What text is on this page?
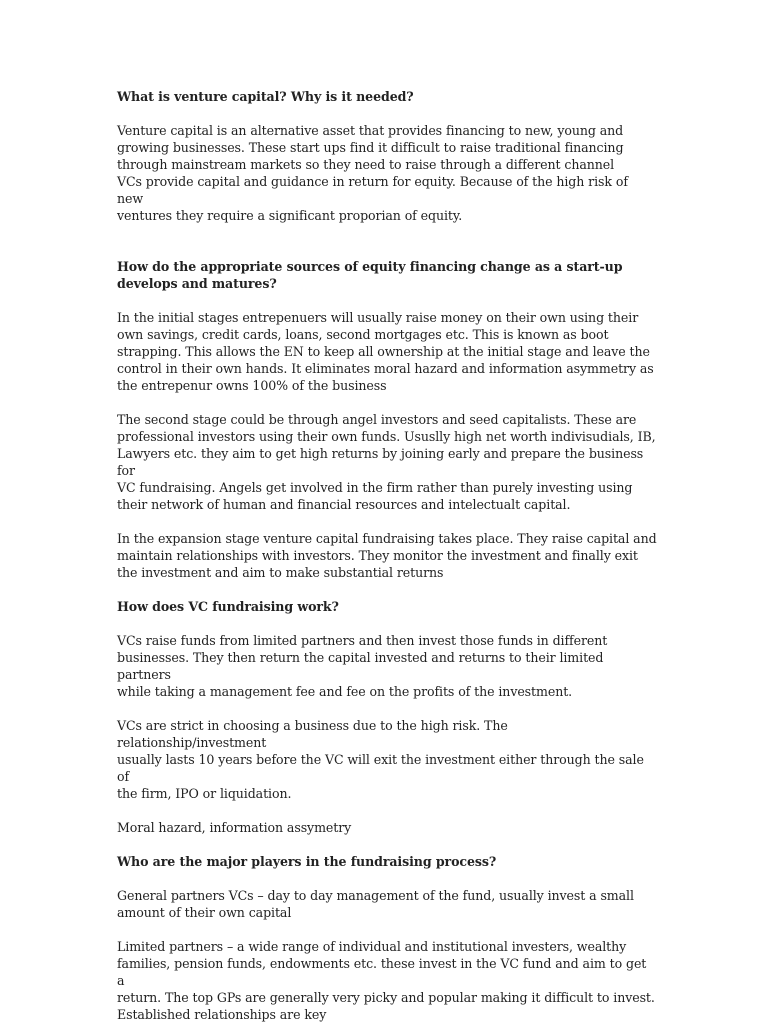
What is venture capital? Why is it needed?

Venture capital is an alternative asset that provides financing to new, young and
growing businesses. These start ups find it difficult to raise traditional financing
through mainstream markets so they need to raise through a different channel
VCs provide capital and guidance in return for equity. Because of the high risk of new
ventures they require a significant proporian of equity.

How do the appropriate sources of equity financing change as a start-up
develops and matures?

In the initial stages entrepenuers will usually raise money on their own using their
own savings, credit cards, loans, second mortgages etc. This is known as boot
strapping. This allows the EN to keep all ownership at the initial stage and leave the
control in their own hands. It eliminates moral hazard and information asymmetry as
the entrepenur owns 100% of the business

The second stage could be through angel investors and seed capitalists. These are
professional investors using their own funds. Ususlly high net worth indivisudials, IB,
Lawyers etc. they aim to get high returns by joining early and prepare the business for
VC fundraising. Angels get involved in the firm rather than purely investing using
their network of human and financial resources and intelectualt capital.

In the expansion stage venture capital fundraising takes place. They raise capital and
maintain relationships with investors. They monitor the investment and finally exit
the investment and aim to make substantial returns

How does VC fundraising work?

VCs raise funds from limited partners and then invest those funds in different
businesses. They then return the capital invested and returns to their limited partners
while taking a management fee and fee on the profits of the investment.

VCs are strict in choosing a business due to the high risk. The relationship/investment
usually lasts 10 years before the VC will exit the investment either through the sale of
the firm, IPO or liquidation.

Moral hazard, information assymetry

Who are the major players in the fundraising process?

General partners VCs – day to day management of the fund, usually invest a small
amount of their own capital

Limited partners – a wide range of individual and institutional investers, wealthy
families, pension funds, endowments etc. these invest in the VC fund and aim to get a
return. The top GPs are generally very picky and popular making it difficult to invest.
Established relationships are key
